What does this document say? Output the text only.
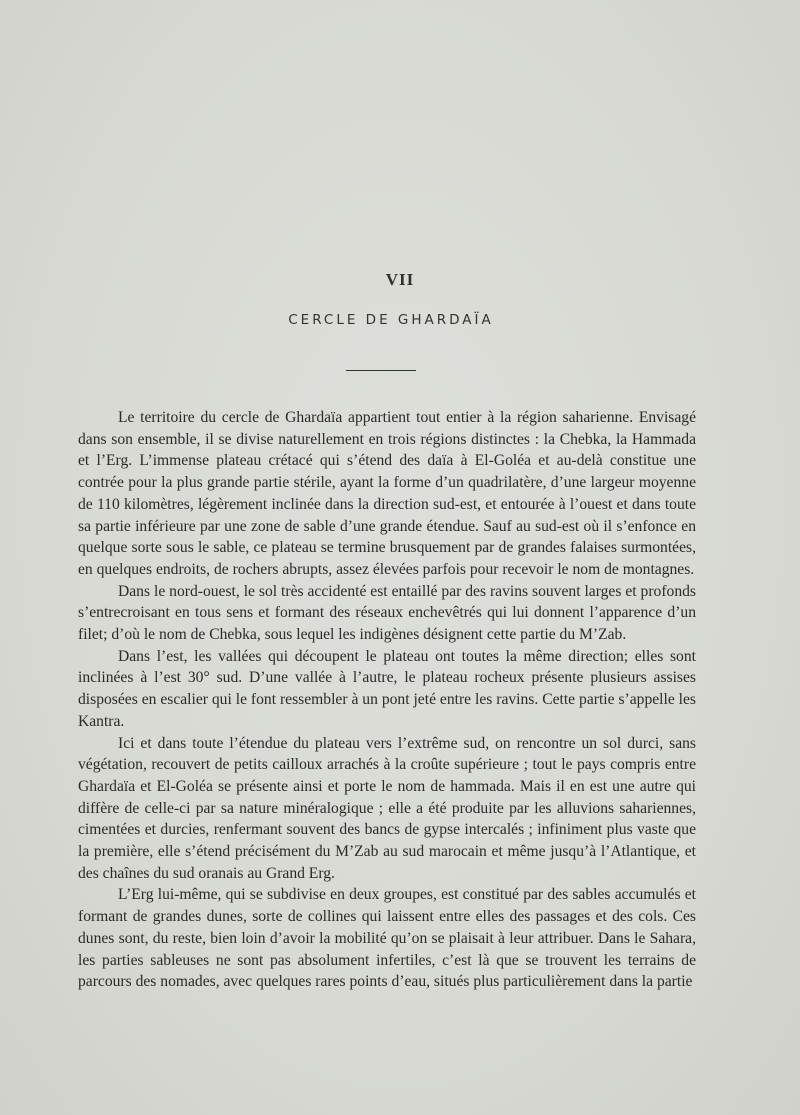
VII
CERCLE DE GHARDAÏA

Le territoire du cercle de Ghardaïa appartient tout entier à la région saharienne. Envisagé dans son ensemble, il se divise naturellement en trois régions distinctes : la Chebka, la Hammada et l’Erg. L’immense plateau crétacé qui s’étend des daïa à El-Goléa et au-delà constitue une contrée pour la plus grande partie stérile, ayant la forme d’un quadrilatère, d’une largeur moyenne de 110 kilomètres, légèrement inclinée dans la direction sud-est, et entourée à l’ouest et dans toute sa partie inférieure par une zone de sable d’une grande étendue. Sauf au sud-est où il s’enfonce en quelque sorte sous le sable, ce plateau se termine brusquement par de grandes falaises surmontées, en quelques endroits, de rochers abrupts, assez élevées parfois pour recevoir le nom de montagnes.

Dans le nord-ouest, le sol très accidenté est entaillé par des ravins souvent larges et profonds s’entrecroisant en tous sens et formant des réseaux enchevêtrés qui lui donnent l’apparence d’un filet; d’où le nom de Chebka, sous lequel les indigènes désignent cette partie du M’Zab.

Dans l’est, les vallées qui découpent le plateau ont toutes la même direction; elles sont inclinées à l’est 30° sud. D’une vallée à l’autre, le plateau rocheux présente plusieurs assises disposées en escalier qui le font ressembler à un pont jeté entre les ravins. Cette partie s’appelle les Kantra.

Ici et dans toute l’étendue du plateau vers l’extrême sud, on rencontre un sol durci, sans végétation, recouvert de petits cailloux arrachés à la croûte supérieure ; tout le pays compris entre Ghardaïa et El-Goléa se présente ainsi et porte le nom de hammada. Mais il en est une autre qui diffère de celle-ci par sa nature minéralogique ; elle a été produite par les alluvions sahariennes, cimentées et durcies, renfermant souvent des bancs de gypse intercalés ; infiniment plus vaste que la première, elle s’étend précisément du M’Zab au sud marocain et même jusqu’à l’Atlantique, et des chaînes du sud oranais au Grand Erg.

L’Erg lui-même, qui se subdivise en deux groupes, est constitué par des sables accumulés et formant de grandes dunes, sorte de collines qui laissent entre elles des passages et des cols. Ces dunes sont, du reste, bien loin d’avoir la mobilité qu’on se plaisait à leur attribuer. Dans le Sahara, les parties sableuses ne sont pas absolument infertiles, c’est là que se trouvent les terrains de parcours des nomades, avec quelques rares points d’eau, situés plus particulièrement dans la partie
